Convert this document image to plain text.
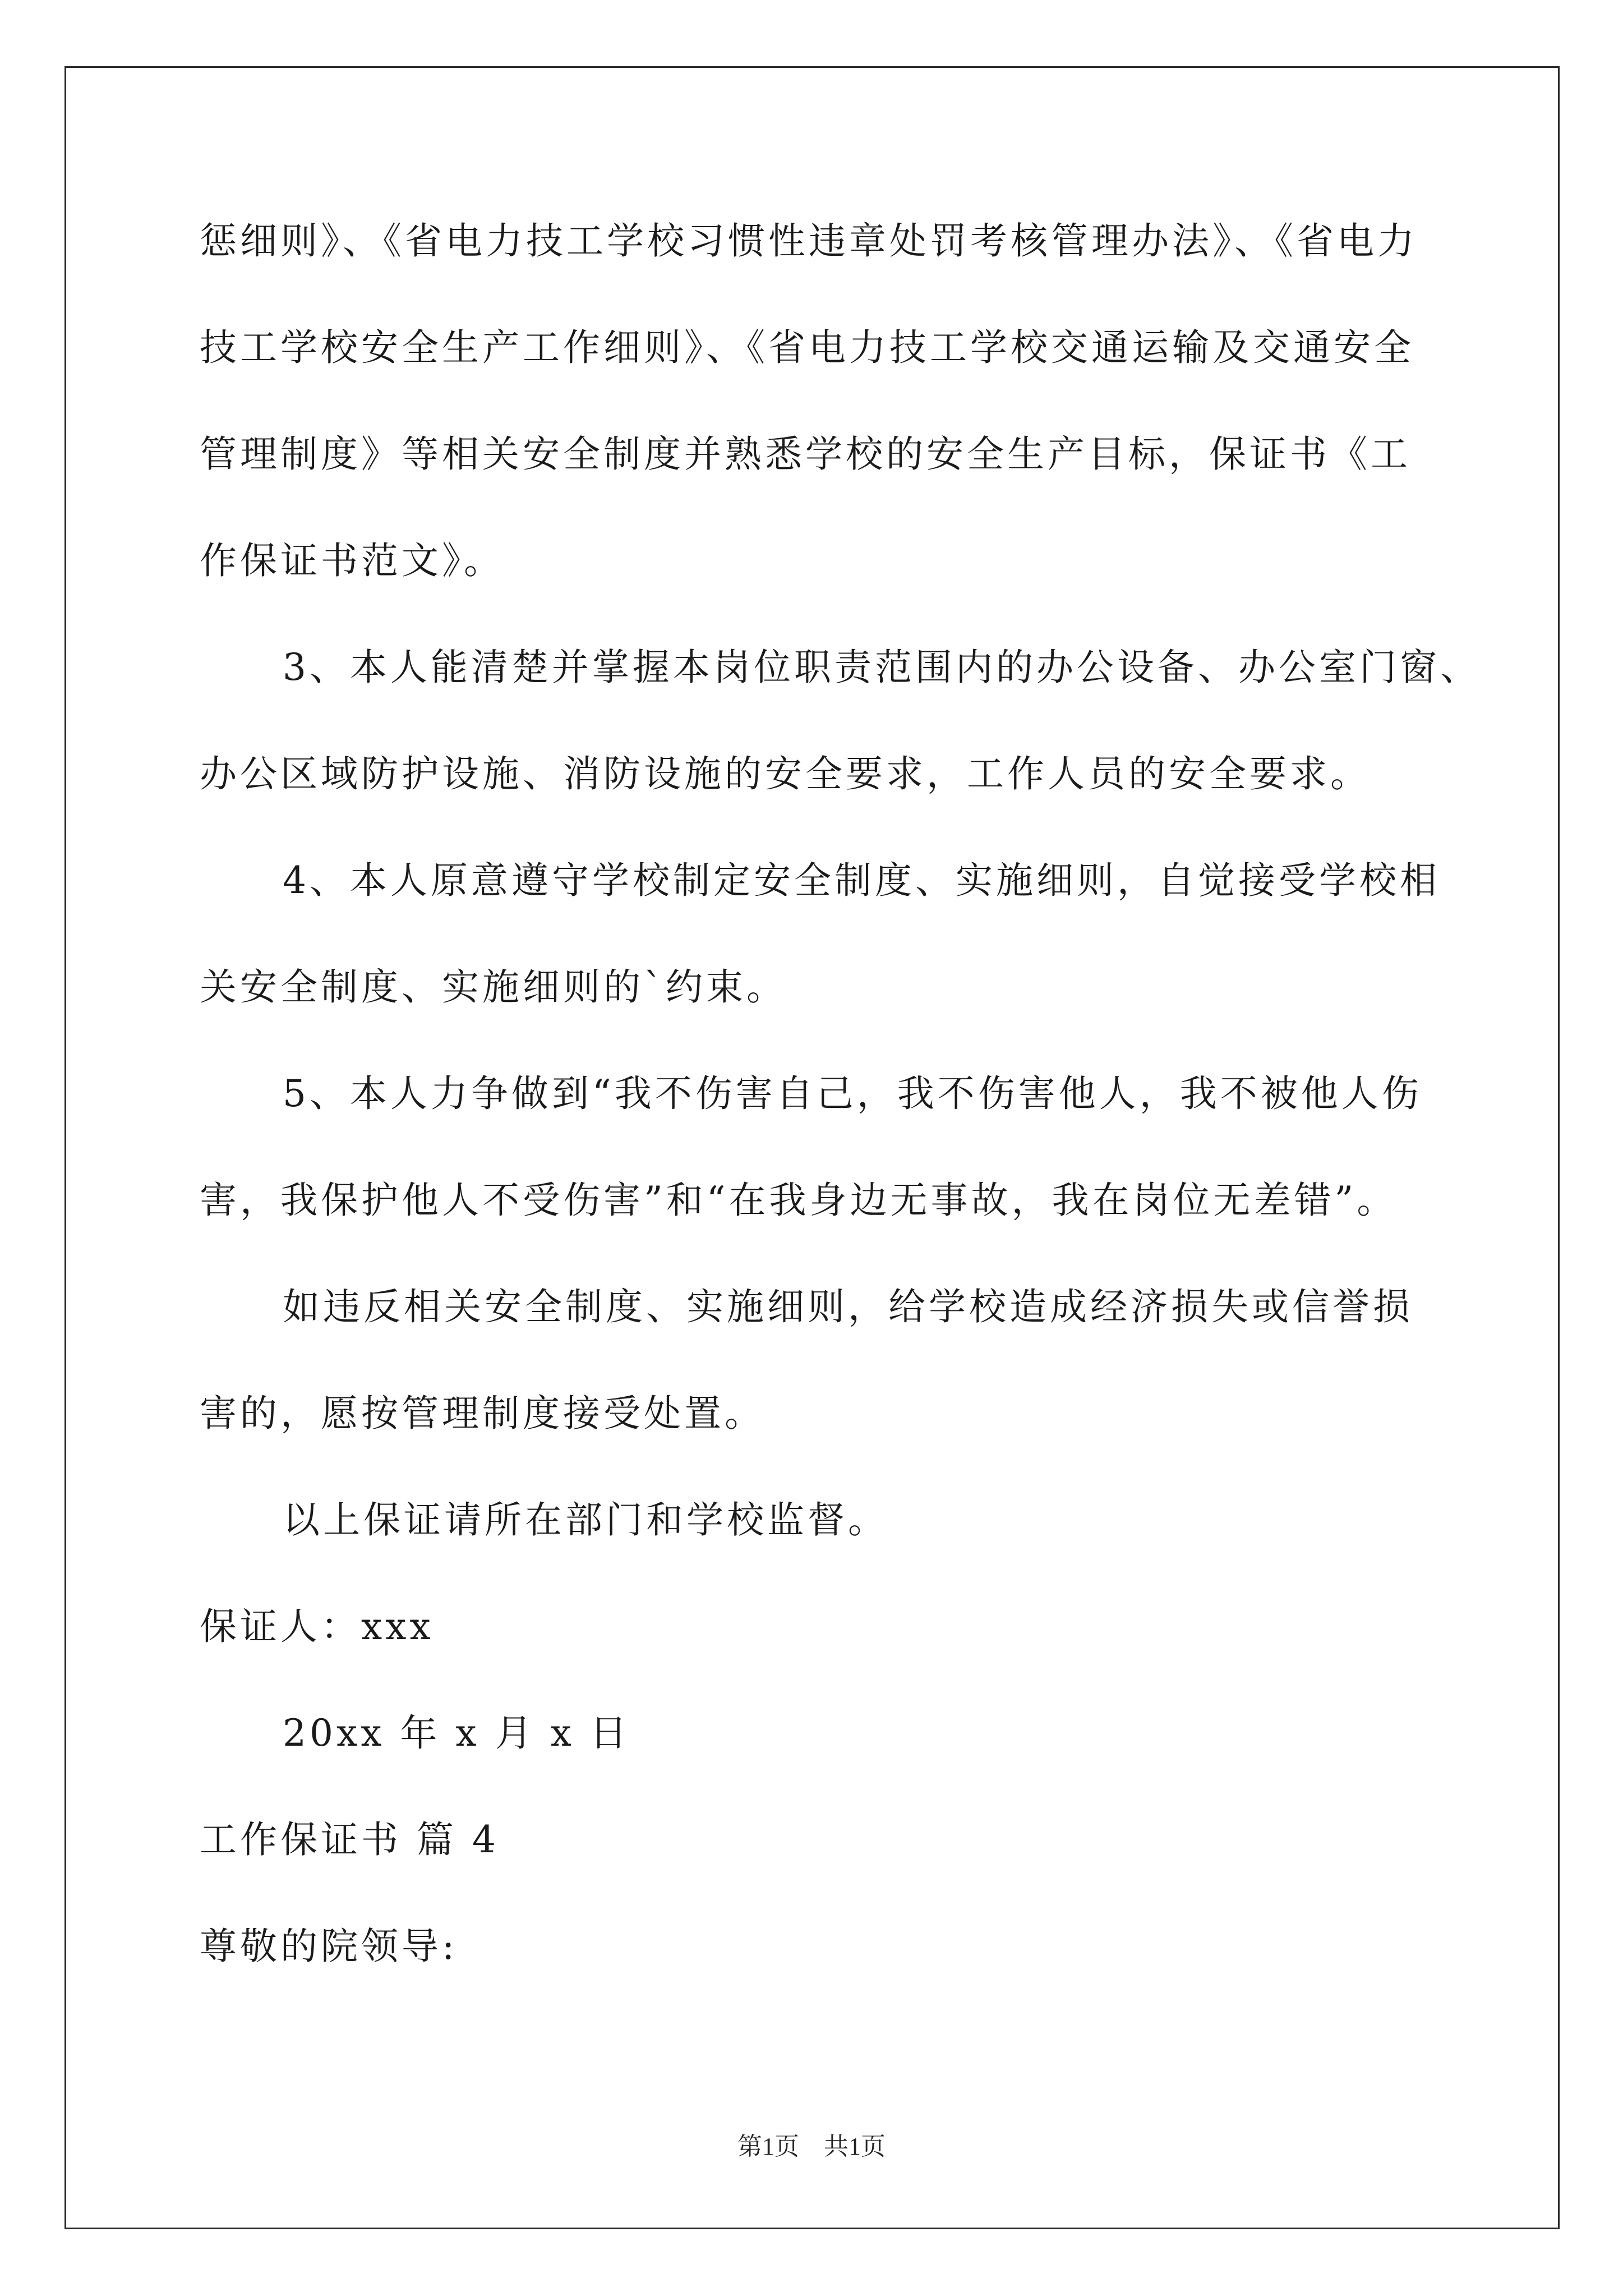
惩细则》、《省电力技工学校习惯性违章处罚考核管理办法》、《省电力
技工学校安全生产工作细则》、《省电力技工学校交通运输及交通安全
管理制度》等相关安全制度并熟悉学校的安全生产目标，保证书《工
作保证书范文》。
3、本人能清楚并掌握本岗位职责范围内的办公设备、办公室门窗、
办公区域防护设施、消防设施的安全要求，工作人员的安全要求。
4、本人原意遵守学校制定安全制度、实施细则，自觉接受学校相
关安全制度、实施细则的`约束。
5、本人力争做到“我不伤害自己，我不伤害他人，我不被他人伤
害，我保护他人不受伤害”和“在我身边无事故，我在岗位无差错”。
如违反相关安全制度、实施细则，给学校造成经济损失或信誉损
害的，愿按管理制度接受处置。
以上保证请所在部门和学校监督。
保证人：xxx
20xx 年 x 月 x 日
工作保证书 篇 4
尊敬的院领导:
第1页　共1页
